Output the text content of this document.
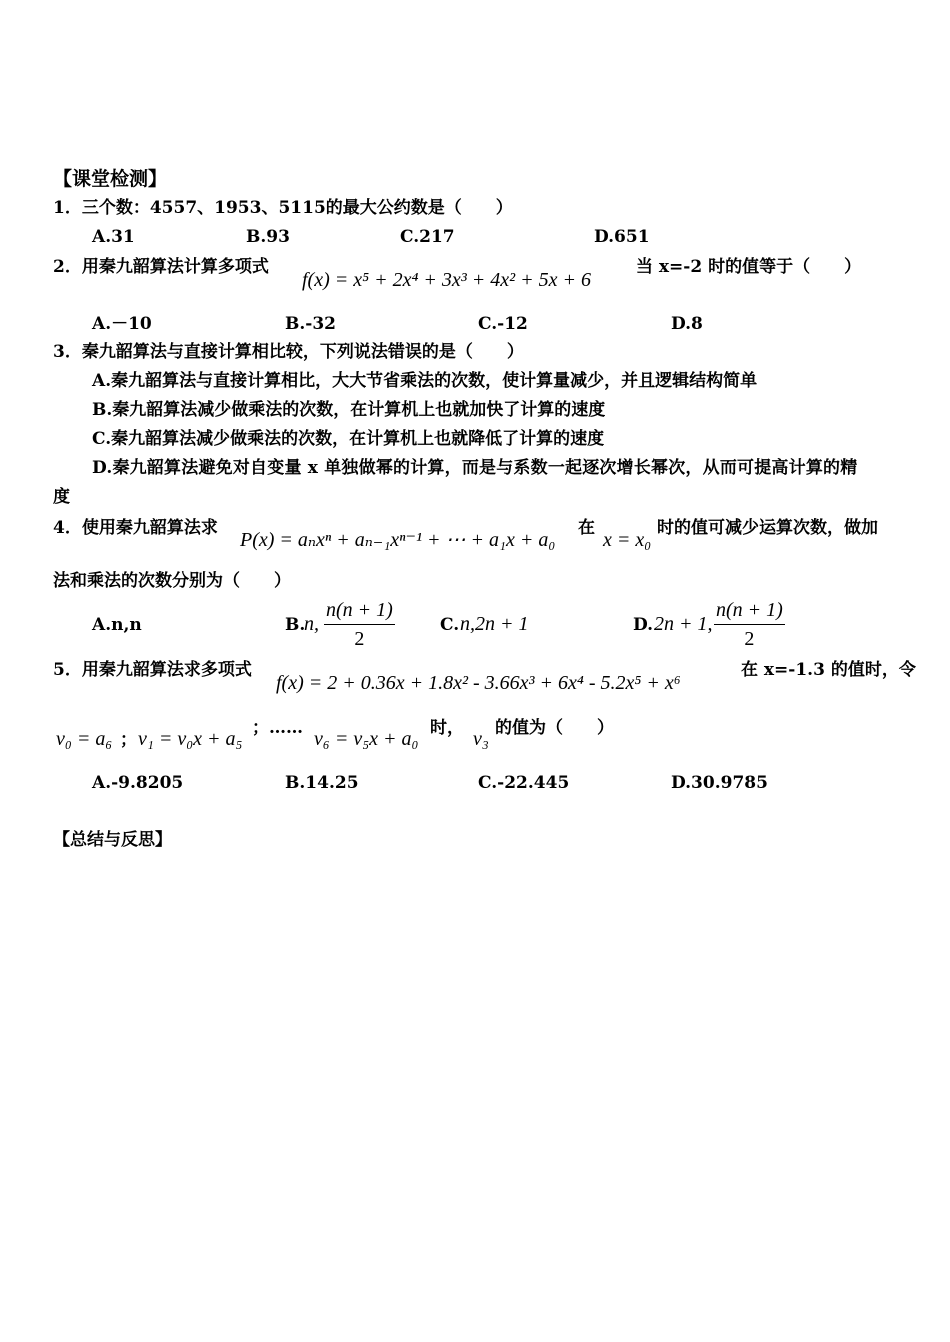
【课堂检测】
1．三个数：4557、1953、5115的最大公约数是（　　）
A.31	B.93	C.217	D.651
2．用秦九韶算法计算多项式
f(x) = x⁵ + 2x⁴ + 3x³ + 4x² + 5x + 6
当 x=-2 时的值等于（　　）
A.－10	B.-32	C.-12	D.8
3．秦九韶算法与直接计算相比较，下列说法错误的是（　　）
A.秦九韶算法与直接计算相比，大大节省乘法的次数，使计算量减少，并且逻辑结构简单
B.秦九韶算法减少做乘法的次数，在计算机上也就加快了计算的速度
C.秦九韶算法减少做乘法的次数，在计算机上也就降低了计算的速度
D.秦九韶算法避免对自变量 x 单独做幂的计算，而是与系数一起逐次增长幂次，从而可提高计算的精
度
4．使用秦九韶算法求
P(x) = aₙxⁿ + aₙ₋₁xⁿ⁻¹ + ⋯ + a₁x + a₀
在
x = x₀
时的值可减少运算次数，做加
法和乘法的次数分别为（　　）
A.n,n	B.
n, $\frac{n(n + 1)}{2}$	C. n,2n + 1	D. 2n + 1, $\frac{n(n + 1)}{2}$
5．用秦九韶算法求多项式
f(x) = 2 + 0.36x + 1.8x² - 3.66x³ + 6x⁴ - 5.2x⁵ + x⁶
在 x=-1.3 的值时，令
v₀ = a₆ ； v₁ = v₀x + a₅ ；…… v₆ = v₅x + a₀ 时， v₃ 的值为（　　）
A.-9.8205	B.14.25	C.-22.445	D.30.9785
【总结与反思】
